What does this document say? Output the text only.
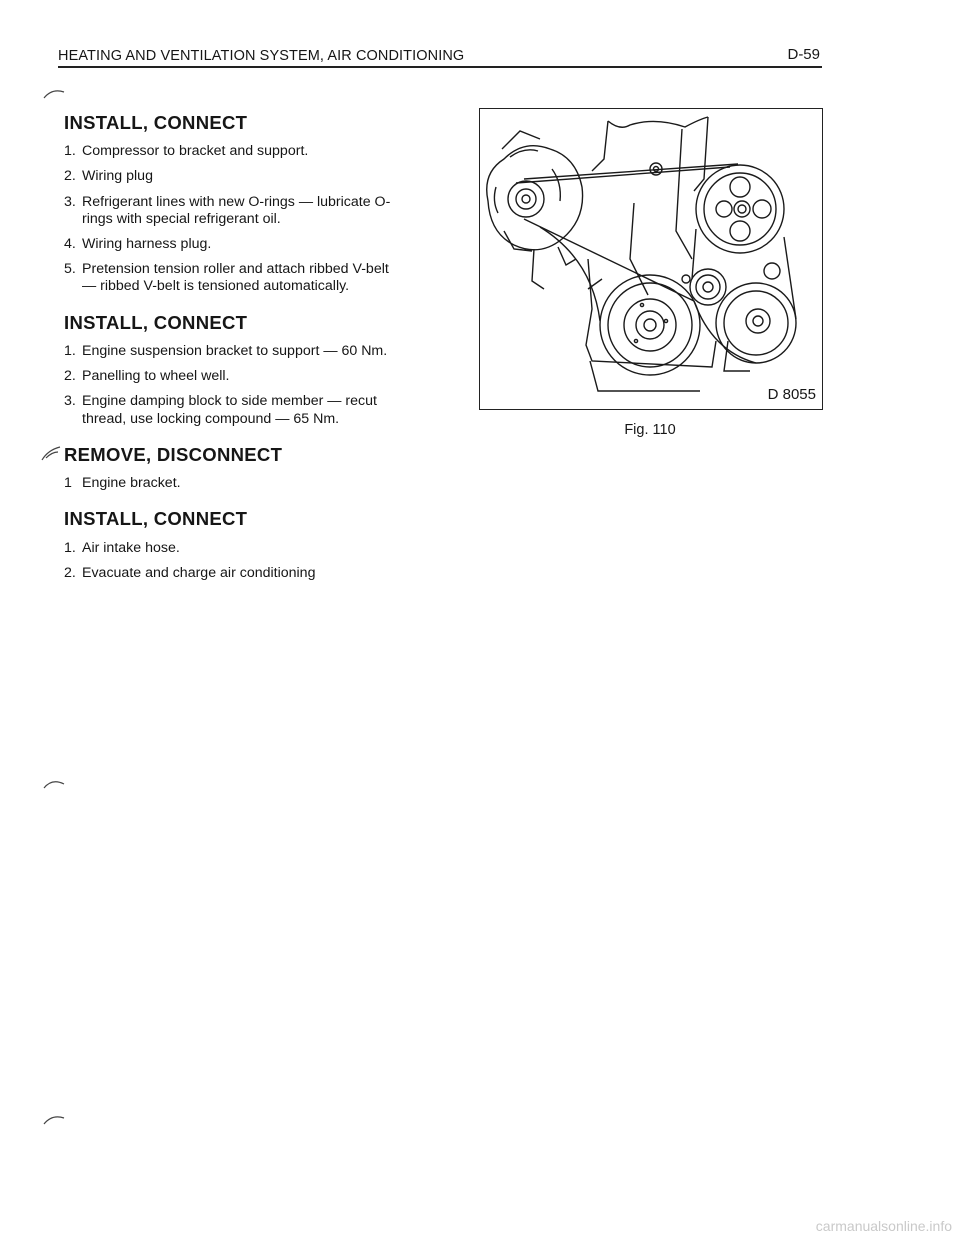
HEATING AND VENTILATION SYSTEM, AIR CONDITIONING	D-59
INSTALL, CONNECT
1. Compressor to bracket and support.
2. Wiring plug
3. Refrigerant lines with new O-rings — lubricate O-rings with special refrigerant oil.
4. Wiring harness plug.
5. Pretension tension roller and attach ribbed V-belt — ribbed V-belt is tensioned automatically.
INSTALL, CONNECT
1. Engine suspension bracket to support — 60 Nm.
2. Panelling to wheel well.
3. Engine damping block to side member — recut thread, use locking compound — 65 Nm.
REMOVE, DISCONNECT
1 Engine bracket.
INSTALL, CONNECT
1. Air intake hose.
2. Evacuate and charge air conditioning
D 8055
Fig. 110
carmanualsonline.info
